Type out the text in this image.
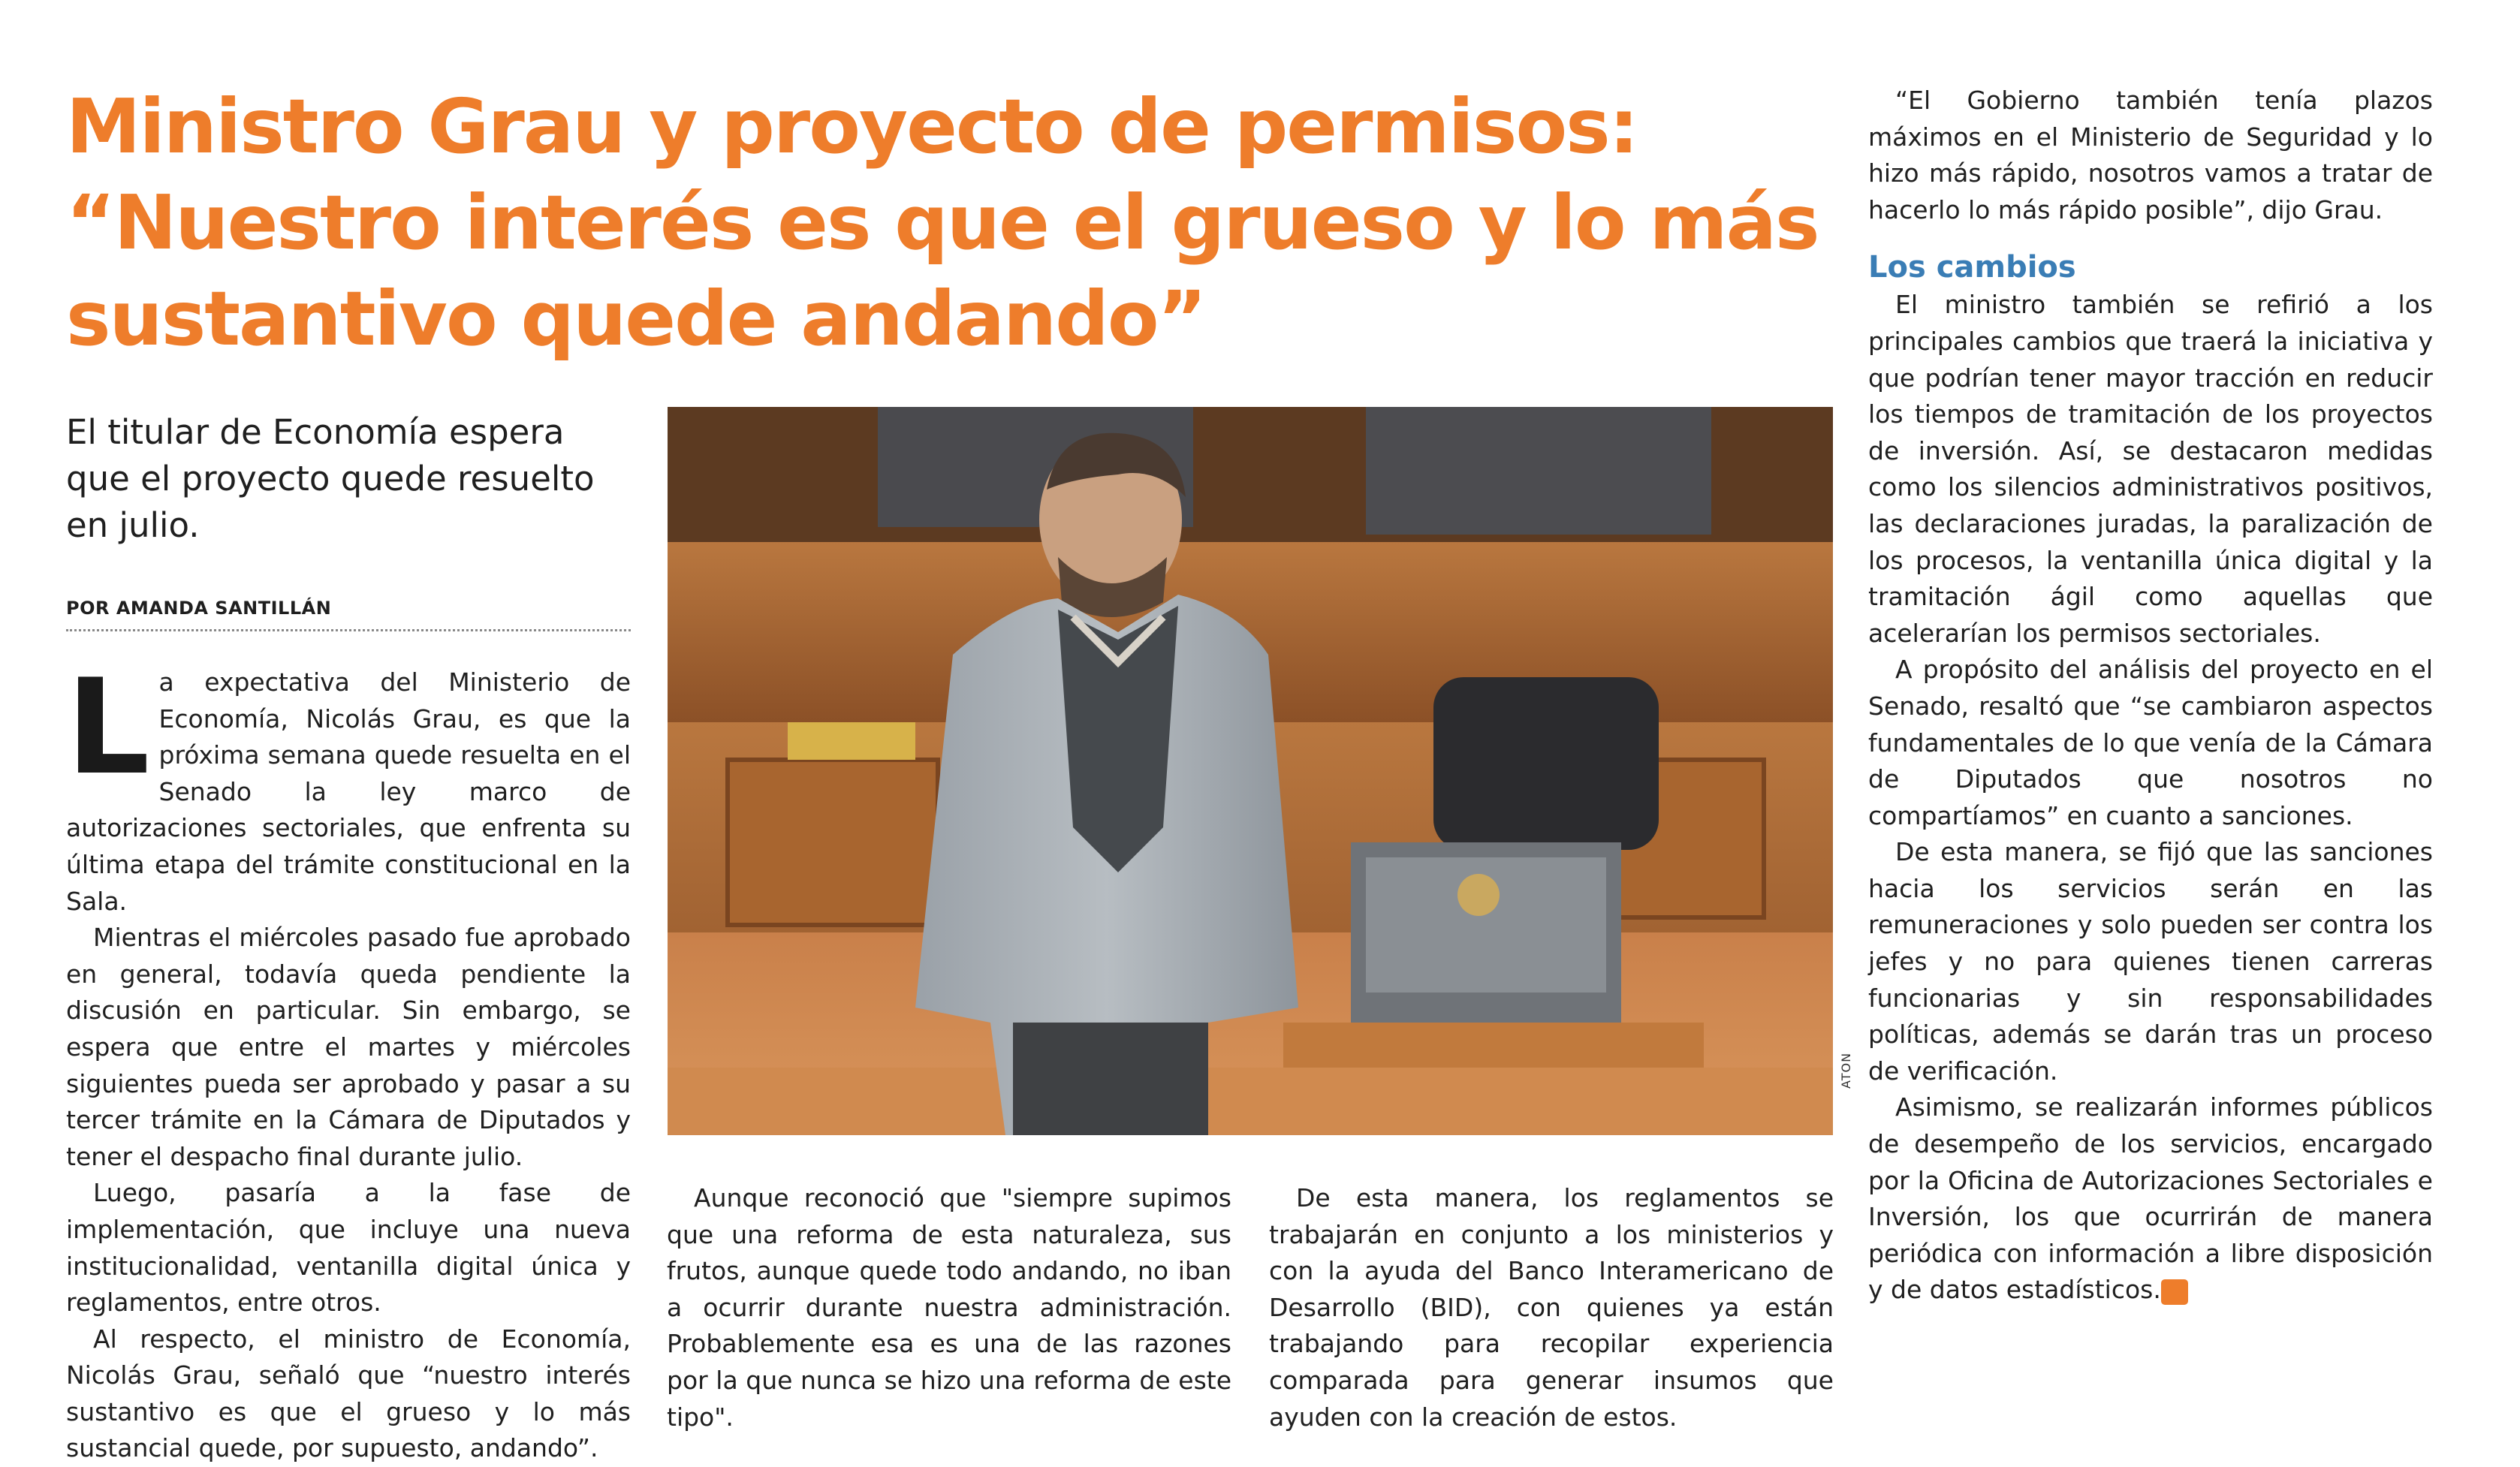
Ministro Grau y proyecto de permisos: “Nuestro interés es que el grueso y lo más sustantivo quede andando”
El titular de Economía espera que el proyecto quede resuelto en julio.
POR AMANDA SANTILLÁN

L a expectativa del Ministerio de Economía, Nicolás Grau, es que la próxima semana quede resuelta en el Senado la ley marco de autorizaciones sectoriales, que enfrenta su última etapa del trámite constitucional en la Sala.

Mientras el miércoles pasado fue aprobado en general, todavía queda pendiente la discusión en particular. Sin embargo, se espera que entre el martes y miércoles siguientes pueda ser aprobado y pasar a su tercer trámite en la Cámara de Diputados y tener el despacho final durante julio.

Luego, pasaría a la fase de implementación, que incluye una nueva institucionalidad, ventanilla digital única y reglamentos, entre otros.

Al respecto, el ministro de Economía, Nicolás Grau, señaló que “nuestro interés sustantivo es que el grueso y lo más sustancial quede, por supuesto, andando”.

ATON

Aunque reconoció que "siempre supimos que una reforma de esta naturaleza, sus frutos, aunque quede todo andando, no iban a ocurrir durante nuestra administración. Probablemente esa es una de las razones por la que nunca se hizo una reforma de este tipo".

De esta manera, los reglamentos se trabajarán en conjunto a los ministerios y con la ayuda del Banco Interamericano de Desarrollo (BID), con quienes ya están trabajando para recopilar experiencia comparada para generar insumos que ayuden con la creación de estos.

“El Gobierno también tenía plazos máximos en el Ministerio de Seguridad y lo hizo más rápido, nosotros vamos a tratar de hacerlo lo más rápido posible”, dijo Grau.

Los cambios

El ministro también se refirió a los principales cambios que traerá la iniciativa y que podrían tener mayor tracción en reducir los tiempos de tramitación de los proyectos de inversión. Así, se destacaron medidas como los silencios administrativos positivos, las declaraciones juradas, la paralización de los procesos, la ventanilla única digital y la tramitación ágil como aquellas que acelerarían los permisos sectoriales.

A propósito del análisis del proyecto en el Senado, resaltó que “se cambiaron aspectos fundamentales de lo que venía de la Cámara de Diputados que nosotros no compartíamos” en cuanto a sanciones.

De esta manera, se fijó que las sanciones hacia los servicios serán en las remuneraciones y solo pueden ser contra los jefes y no para quienes tienen carreras funcionarias y sin responsabilidades políticas, además se darán tras un proceso de verificación.

Asimismo, se realizarán informes públicos de desempeño de los servicios, encargado por la Oficina de Autorizaciones Sectoriales e Inversión, los que ocurrirán de manera periódica con información a libre disposición y de datos estadísticos. S
